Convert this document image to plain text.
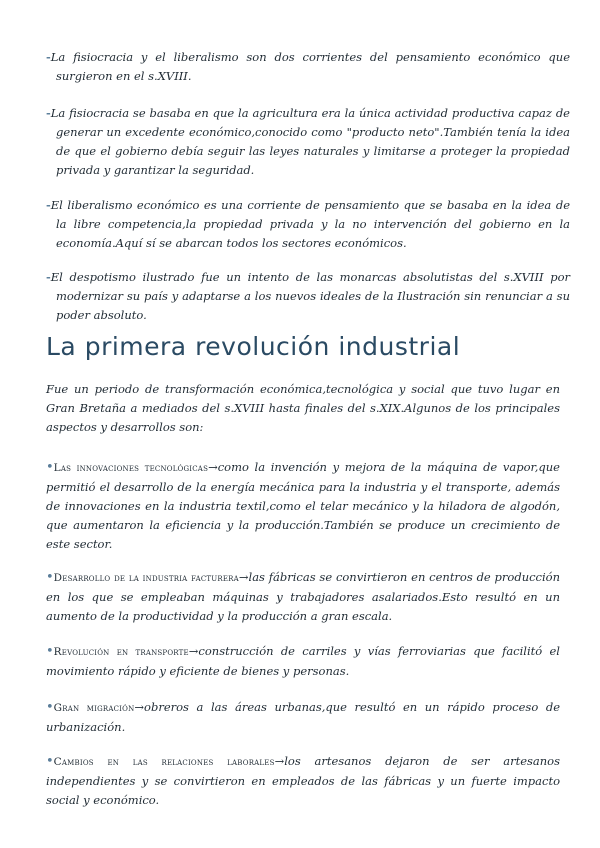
-La fisiocracia y el liberalismo son dos corrientes del pensamiento económico que surgieron en el s.XVIII.
-La fisiocracia se basaba en que la agricultura era la única actividad productiva capaz de generar un excedente económico,conocido como "producto neto".También tenía la idea de que el gobierno debía seguir las leyes naturales y limitarse a proteger la propiedad privada y garantizar la seguridad.
-El liberalismo económico es una corriente de pensamiento que se basaba en la idea de la libre competencia,la propiedad privada y la no intervención del gobierno en la economía.Aquí sí se abarcan todos los sectores económicos.
-El despotismo ilustrado fue un intento de las monarcas absolutistas del s.XVIII por modernizar su país y adaptarse a los nuevos ideales de la Ilustración sin renunciar a su poder absoluto.
La primera revolución industrial
Fue un periodo de transformación económica,tecnológica y social que tuvo lugar en Gran Bretaña a mediados del s.XVIII hasta finales del s.XIX.Algunos de los principales aspectos y desarrollos son:
•Las innovaciones tecnológicas→como la invención y mejora de la máquina de vapor,que permitió el desarrollo de la energía mecánica para la industria y el transporte, además de innovaciones en la industria textil,como el telar mecánico y la hiladora de algodón, que aumentaron la eficiencia y la producción.También se produce un crecimiento de este sector.
•Desarrollo de la industria facturera→las fábricas se convirtieron en centros de producción en los que se empleaban máquinas y trabajadores asalariados.Esto resultó en un aumento de la productividad y la producción a gran escala.
•Revolución en transporte→construcción de carriles y vías ferroviarias que facilitó el movimiento rápido y eficiente de bienes y personas.
•Gran migración→obreros a las áreas urbanas,que resultó en un rápido proceso de urbanización.
•Cambios en las relaciones laborales→los artesanos dejaron de ser artesanos independientes y se convirtieron en empleados de las fábricas y un fuerte impacto social y económico.
